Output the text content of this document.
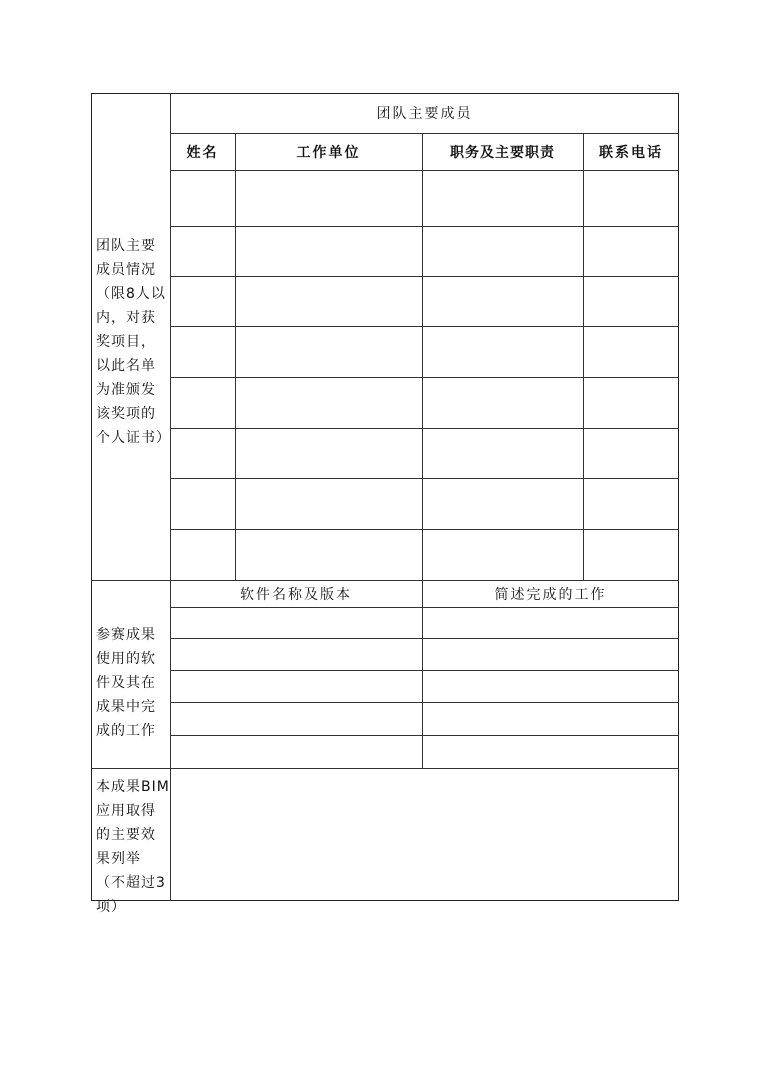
团队主要成员
姓名	工作单位	职务及主要职责	联系电话
团队主要成员情况（限8人以内，对获奖项目，以此名单为准颁发该奖项的个人证书）
软件名称及版本	简述完成的工作
参赛成果使用的软件及其在成果中完成的工作
本成果BIM应用取得的主要效果列举（不超过3项）
